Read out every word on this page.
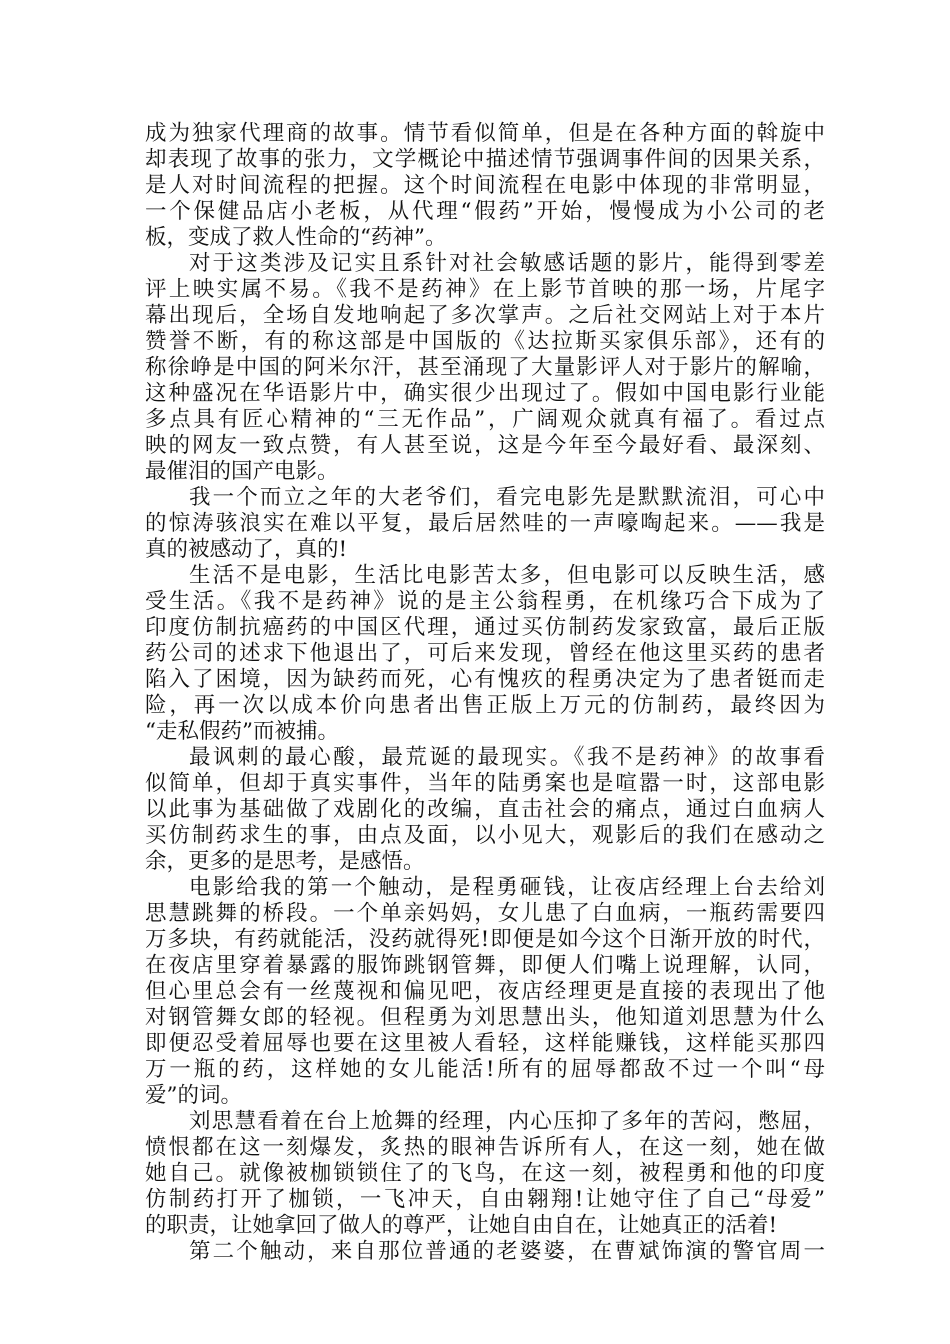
成为独家代理商的故事。情节看似简单，但是在各种方面的斡旋中
却表现了故事的张力，文学概论中描述情节强调事件间的因果关系，
是人对时间流程的把握。这个时间流程在电影中体现的非常明显，
一个保健品店小老板，从代理“假药”开始，慢慢成为小公司的老
板，变成了救人性命的“药神”。
对于这类涉及记实且系针对社会敏感话题的影片，能得到零差
评上映实属不易。《我不是药神》在上影节首映的那一场，片尾字
幕出现后，全场自发地响起了多次掌声。之后社交网站上对于本片
赞誉不断，有的称这部是中国版的《达拉斯买家俱乐部》，还有的
称徐峥是中国的阿米尔汗，甚至涌现了大量影评人对于影片的解喻，
这种盛况在华语影片中，确实很少出现过了。假如中国电影行业能
多点具有匠心精神的“三无作品”，广阔观众就真有福了。看过点
映的网友一致点赞，有人甚至说，这是今年至今最好看、最深刻、
最催泪的国产电影。
我一个而立之年的大老爷们，看完电影先是默默流泪，可心中
的惊涛骇浪实在难以平复，最后居然哇的一声嚎啕起来。——我是
真的被感动了，真的!
生活不是电影，生活比电影苦太多，但电影可以反映生活，感
受生活。《我不是药神》说的是主公翁程勇，在机缘巧合下成为了
印度仿制抗癌药的中国区代理，通过买仿制药发家致富，最后正版
药公司的述求下他退出了，可后来发现，曾经在他这里买药的患者
陷入了困境，因为缺药而死，心有愧疚的程勇决定为了患者铤而走
险，再一次以成本价向患者出售正版上万元的仿制药，最终因为
“走私假药”而被捕。
最讽刺的最心酸，最荒诞的最现实。《我不是药神》的故事看
似简单，但却于真实事件，当年的陆勇案也是喧嚣一时，这部电影
以此事为基础做了戏剧化的改编，直击社会的痛点，通过白血病人
买仿制药求生的事，由点及面，以小见大，观影后的我们在感动之
余，更多的是思考，是感悟。
电影给我的第一个触动，是程勇砸钱，让夜店经理上台去给刘
思慧跳舞的桥段。一个单亲妈妈，女儿患了白血病，一瓶药需要四
万多块，有药就能活，没药就得死!即便是如今这个日渐开放的时代，
在夜店里穿着暴露的服饰跳钢管舞，即便人们嘴上说理解，认同，
但心里总会有一丝蔑视和偏见吧，夜店经理更是直接的表现出了他
对钢管舞女郎的轻视。但程勇为刘思慧出头，他知道刘思慧为什么
即便忍受着屈辱也要在这里被人看轻，这样能赚钱，这样能买那四
万一瓶的药，这样她的女儿能活!所有的屈辱都敌不过一个叫“母
爱”的词。
刘思慧看着在台上尬舞的经理，内心压抑了多年的苦闷，憋屈，
愤恨都在这一刻爆发，炙热的眼神告诉所有人，在这一刻，她在做
她自己。就像被枷锁锁住了的飞鸟，在这一刻，被程勇和他的印度
仿制药打开了枷锁，一飞冲天，自由翱翔!让她守住了自己“母爱”
的职责，让她拿回了做人的尊严，让她自由自在，让她真正的活着!
第二个触动，来自那位普通的老婆婆，在曹斌饰演的警官周一
